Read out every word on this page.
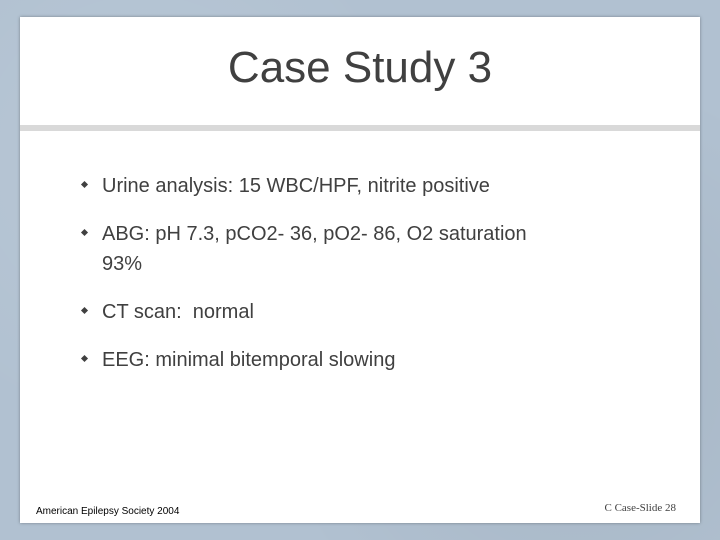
Case Study 3
Urine analysis: 15 WBC/HPF, nitrite positive
ABG: pH 7.3, pCO2- 36, pO2- 86, O2 saturation
93%
CT scan:  normal
EEG: minimal bitemporal slowing
American Epilepsy Society 2004	C Case-Slide 28
